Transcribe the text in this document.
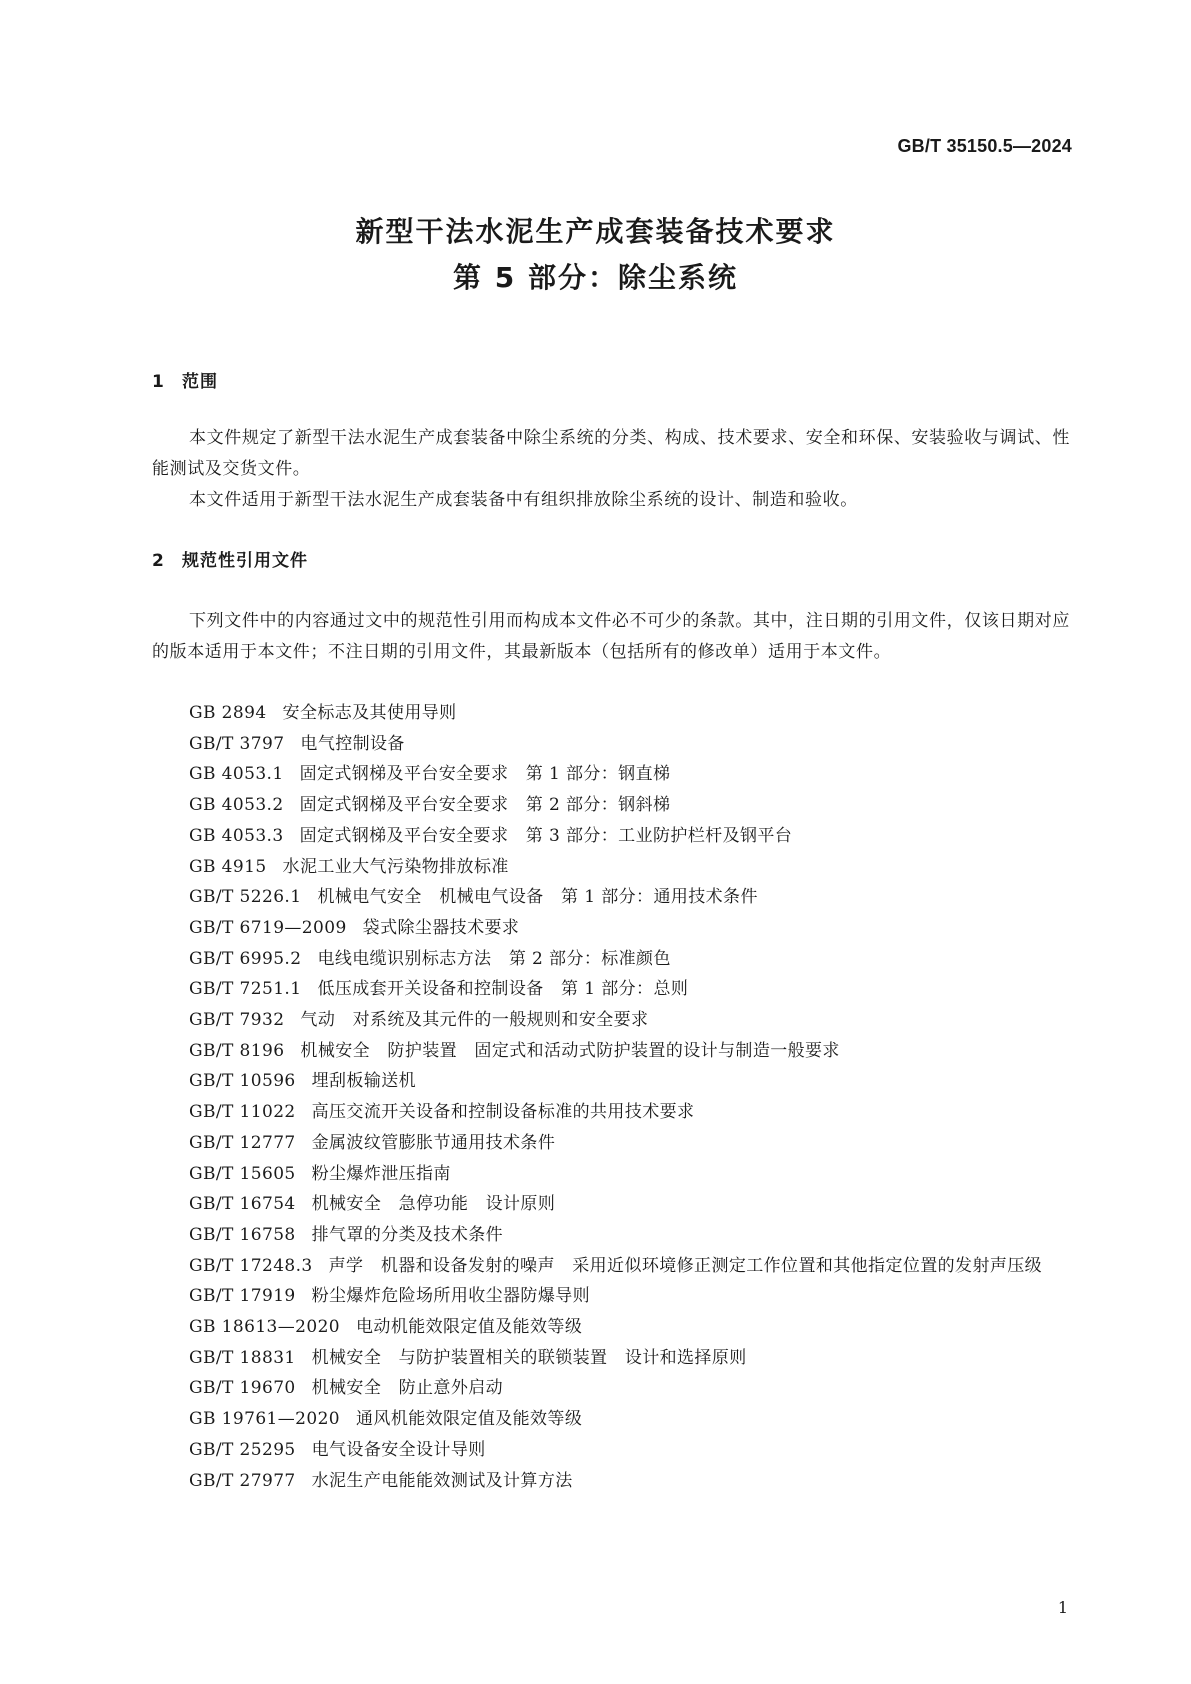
GB/T 35150.5—2024
新型干法水泥生产成套装备技术要求
第 5 部分：除尘系统
1 范围
本文件规定了新型干法水泥生产成套装备中除尘系统的分类、构成、技术要求、安全和环保、安装验收与调试、性能测试及交货文件。
本文件适用于新型干法水泥生产成套装备中有组织排放除尘系统的设计、制造和验收。
2 规范性引用文件
下列文件中的内容通过文中的规范性引用而构成本文件必不可少的条款。其中，注日期的引用文件，仅该日期对应的版本适用于本文件；不注日期的引用文件，其最新版本（包括所有的修改单）适用于本文件。
GB 2894 安全标志及其使用导则
GB/T 3797 电气控制设备
GB 4053.1 固定式钢梯及平台安全要求　第 1 部分：钢直梯
GB 4053.2 固定式钢梯及平台安全要求　第 2 部分：钢斜梯
GB 4053.3 固定式钢梯及平台安全要求　第 3 部分：工业防护栏杆及钢平台
GB 4915 水泥工业大气污染物排放标准
GB/T 5226.1 机械电气安全　机械电气设备　第 1 部分：通用技术条件
GB/T 6719—2009 袋式除尘器技术要求
GB/T 6995.2 电线电缆识别标志方法　第 2 部分：标准颜色
GB/T 7251.1 低压成套开关设备和控制设备　第 1 部分：总则
GB/T 7932 气动　对系统及其元件的一般规则和安全要求
GB/T 8196 机械安全　防护装置　固定式和活动式防护装置的设计与制造一般要求
GB/T 10596 埋刮板输送机
GB/T 11022 高压交流开关设备和控制设备标准的共用技术要求
GB/T 12777 金属波纹管膨胀节通用技术条件
GB/T 15605 粉尘爆炸泄压指南
GB/T 16754 机械安全　急停功能　设计原则
GB/T 16758 排气罩的分类及技术条件
GB/T 17248.3 声学　机器和设备发射的噪声　采用近似环境修正测定工作位置和其他指定位置的发射声压级
GB/T 17919 粉尘爆炸危险场所用收尘器防爆导则
GB 18613—2020 电动机能效限定值及能效等级
GB/T 18831 机械安全　与防护装置相关的联锁装置　设计和选择原则
GB/T 19670 机械安全　防止意外启动
GB 19761—2020 通风机能效限定值及能效等级
GB/T 25295 电气设备安全设计导则
GB/T 27977 水泥生产电能能效测试及计算方法
1
